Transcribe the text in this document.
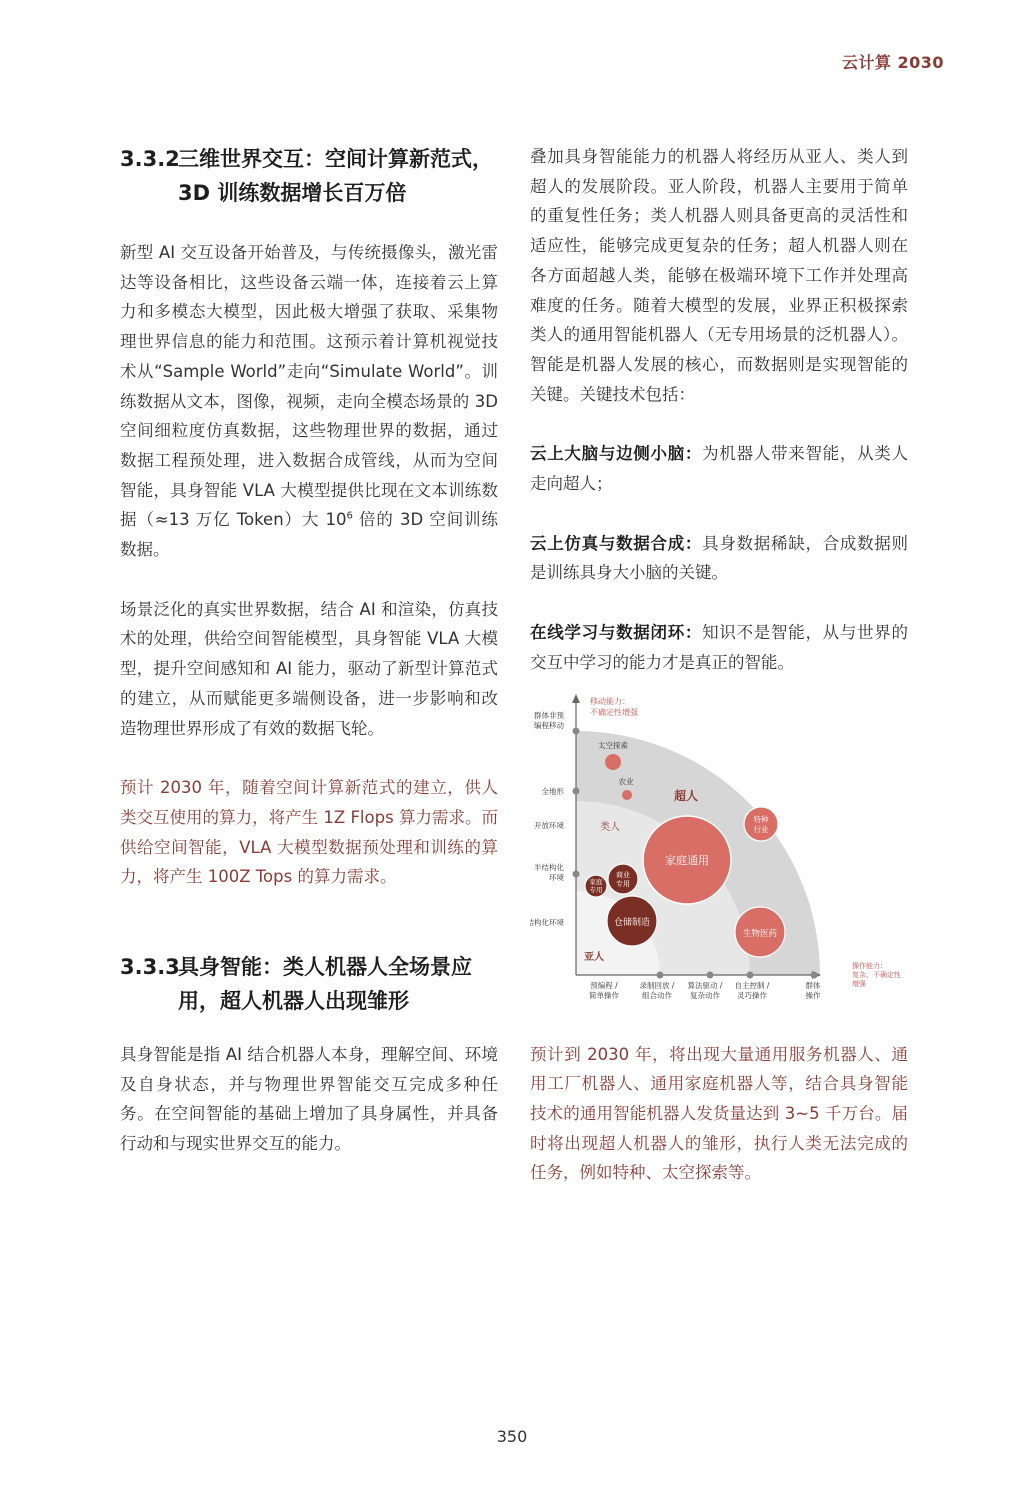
云计算 2030
3.3.2三维世界交互：空间计算新范式，3D 训练数据增长百万倍

新型 AI 交互设备开始普及，与传统摄像头，激光雷达等设备相比，这些设备云端一体，连接着云上算力和多模态大模型，因此极大增强了获取、采集物理世界信息的能力和范围。这预示着计算机视觉技术从“Sample World”走向“Simulate World”。训练数据从文本，图像，视频，走向全模态场景的 3D 空间细粒度仿真数据，这些物理世界的数据，通过数据工程预处理，进入数据合成管线，从而为空间智能，具身智能 VLA 大模型提供比现在文本训练数据（≈13 万亿 Token）大 $10^6$ 倍的 3D 空间训练数据。

场景泛化的真实世界数据，结合 AI 和渲染，仿真技术的处理，供给空间智能模型，具身智能 VLA 大模型，提升空间感知和 AI 能力，驱动了新型计算范式的建立，从而赋能更多端侧设备，进一步影响和改造物理世界形成了有效的数据飞轮。

预计 2030 年，随着空间计算新范式的建立，供人类交互使用的算力，将产生 1Z Flops 算力需求。而供给空间智能，VLA 大模型数据预处理和训练的算力，将产生 100Z Tops 的算力需求。

3.3.3具身智能：类人机器人全场景应用，超人机器人出现雏形

具身智能是指 AI 结合机器人本身，理解空间、环境及自身状态，并与物理世界智能交互完成多种任务。在空间智能的基础上增加了具身属性，并具备行动和与现实世界交互的能力。

叠加具身智能能力的机器人将经历从亚人、类人到超人的发展阶段。亚人阶段，机器人主要用于简单的重复性任务；类人机器人则具备更高的灵活性和适应性，能够完成更复杂的任务；超人机器人则在各方面超越人类，能够在极端环境下工作并处理高难度的任务。随着大模型的发展，业界正积极探索类人的通用智能机器人（无专用场景的泛机器人）。智能是机器人发展的核心，而数据则是实现智能的关键。关键技术包括：

云上大脑与边侧小脑：为机器人带来智能，从类人走向超人；

云上仿真与数据合成：具身数据稀缺，合成数据则是训练具身大小脑的关键。

在线学习与数据闭环：知识不是智能，从与世界的交互中学习的能力才是真正的智能。

移动能力：
不确定性增强
操作能力：
复杂、不确定性
增强
群体非预
编程移动
全地形
半结构化
环境
开放环境
结构化环境
预编程 /
简单操作
录制回放 /
组合动作
算法驱动 /
复杂动作
自主控制 /
灵巧操作
群体
操作
超人
类人
亚人
太空探索
农业
特种
行业
家庭通用
商业
专用
家庭
专用
仓储制造
生物医药

预计到 2030 年，将出现大量通用服务机器人、通用工厂机器人、通用家庭机器人等，结合具身智能技术的通用智能机器人发货量达到 3~5 千万台。届时将出现超人机器人的雏形，执行人类无法完成的任务，例如特种、太空探索等。

350
